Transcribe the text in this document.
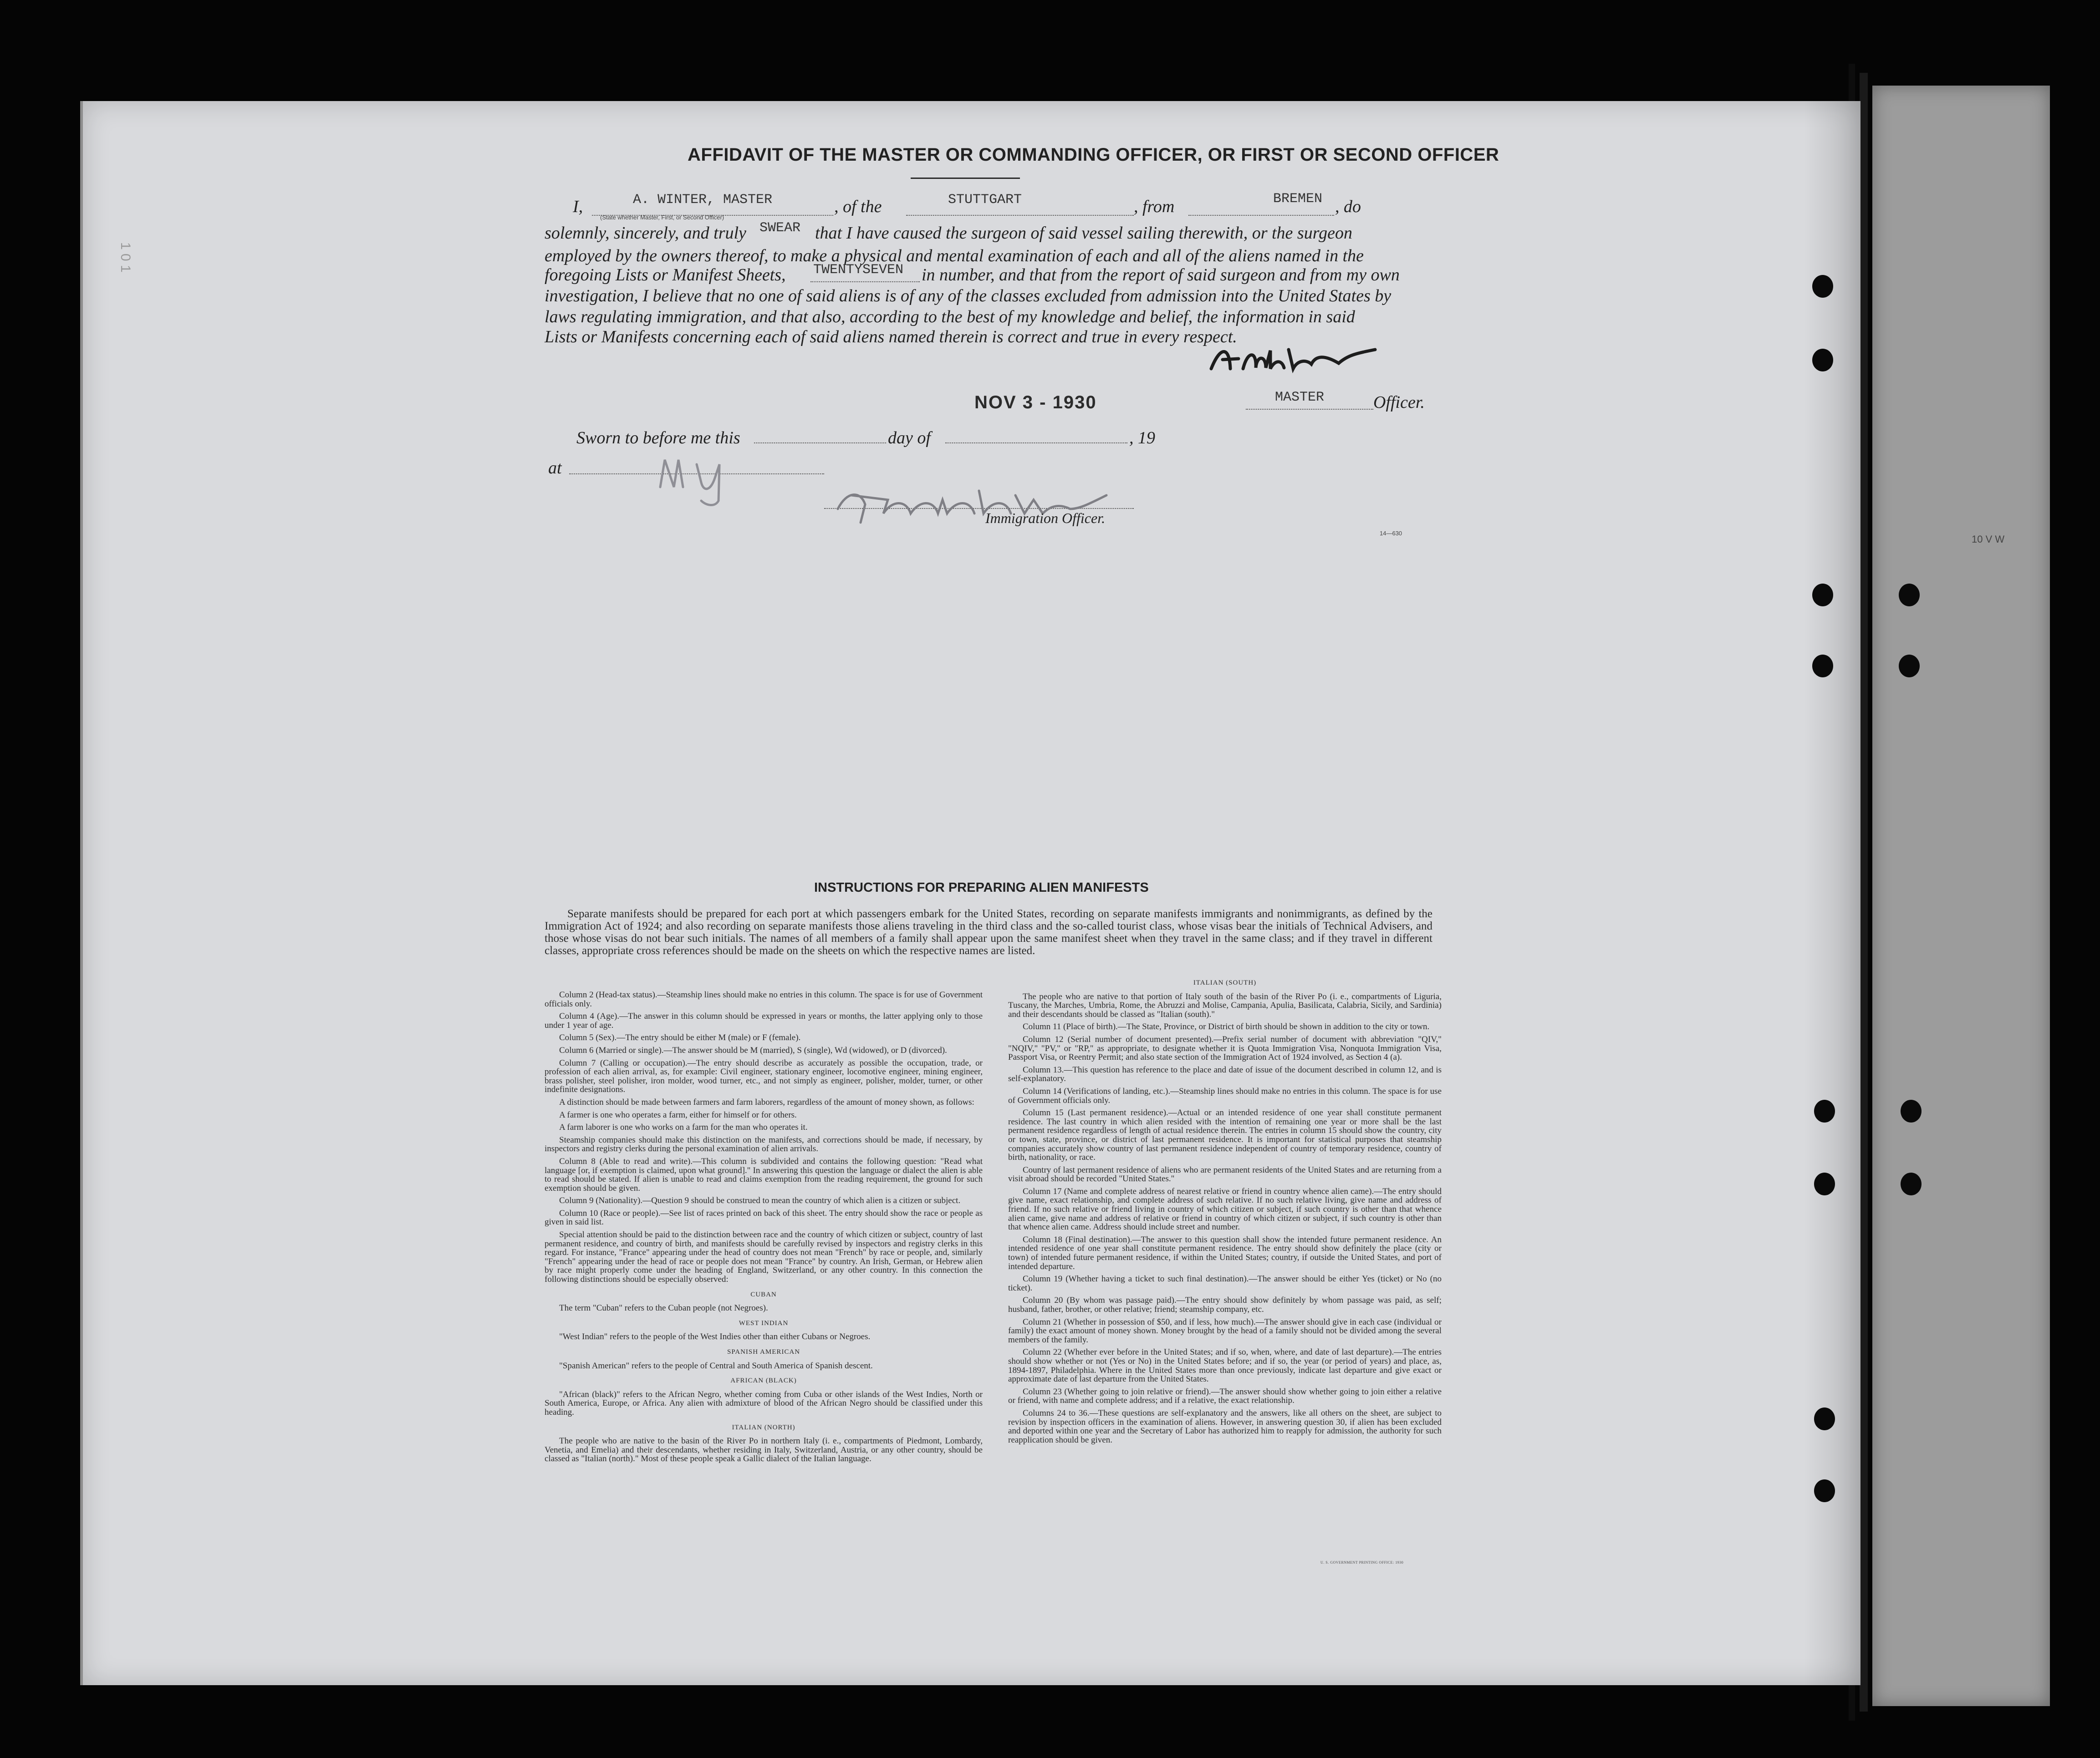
1 0 1
10 V W
AFFIDAVIT OF THE MASTER OR COMMANDING OFFICER, OR FIRST OR SECOND OFFICER
I,	A. WINTER, MASTER
(State whether Master, First, or Second Officer)
, of the	STUTTGART	, from	BREMEN , do
solemnly, sincerely, and truly SWEAR that I have caused the surgeon of said vessel sailing therewith, or the surgeon
employed by the owners thereof, to make a physical and mental examination of each and all of the aliens named in the
foregoing Lists or Manifest Sheets, TWENTYSEVEN in number, and that from the report of said surgeon and from my own
investigation, I believe that no one of said aliens is of any of the classes excluded from admission into the United States by
laws regulating immigration, and that also, according to the best of my knowledge and belief, the information in said
Lists or Manifests concerning each of said aliens named therein is correct and true in every respect.
NOV 3 - 1930	MASTER	Officer.
Sworn to before me this	day of	, 19
at
Immigration Officer.
14—630
INSTRUCTIONS FOR PREPARING ALIEN MANIFESTS

Separate manifests should be prepared for each port at which passengers embark for the United States, recording on separate manifests immigrants and nonimmigrants, as defined by the Immigration Act of 1924; and also recording on separate manifests those aliens traveling in the third class and the so-called tourist class, whose visas bear the initials of Technical Advisers, and those whose visas do not bear such initials. The names of all members of a family shall appear upon the same manifest sheet when they travel in the same class; and if they travel in different classes, appropriate cross references should be made on the sheets on which the respective names are listed.

Column 2 (Head-tax status).—Steamship lines should make no entries in this column. The space is for use of Government officials only.

Column 4 (Age).—The answer in this column should be expressed in years or months, the latter applying only to those under 1 year of age.

Column 5 (Sex).—The entry should be either M (male) or F (female).

Column 6 (Married or single).—The answer should be M (married), S (single), Wd (widowed), or D (divorced).

Column 7 (Calling or occupation).—The entry should describe as accurately as possible the occupation, trade, or profession of each alien arrival, as, for example: Civil engineer, stationary engineer, locomotive engineer, mining engineer, brass polisher, steel polisher, iron molder, wood turner, etc., and not simply as engineer, polisher, molder, turner, or other indefinite designations.

A distinction should be made between farmers and farm laborers, regardless of the amount of money shown, as follows:

A farmer is one who operates a farm, either for himself or for others.

A farm laborer is one who works on a farm for the man who operates it.

Steamship companies should make this distinction on the manifests, and corrections should be made, if necessary, by inspectors and registry clerks during the personal examination of alien arrivals.

Column 8 (Able to read and write).—This column is subdivided and contains the following question: "Read what language [or, if exemption is claimed, upon what ground]." In answering this question the language or dialect the alien is able to read should be stated. If alien is unable to read and claims exemption from the reading requirement, the ground for such exemption should be given.

Column 9 (Nationality).—Question 9 should be construed to mean the country of which alien is a citizen or subject.

Column 10 (Race or people).—See list of races printed on back of this sheet. The entry should show the race or people as given in said list.

Special attention should be paid to the distinction between race and the country of which citizen or subject, country of last permanent residence, and country of birth, and manifests should be carefully revised by inspectors and registry clerks in this regard. For instance, "France" appearing under the head of country does not mean "French" by race or people, and, similarly "French" appearing under the head of race or people does not mean "France" by country. An Irish, German, or Hebrew alien by race might properly come under the heading of England, Switzerland, or any other country. In this connection the following distinctions should be especially observed:

CUBAN

The term "Cuban" refers to the Cuban people (not Negroes).

WEST INDIAN

"West Indian" refers to the people of the West Indies other than either Cubans or Negroes.

SPANISH AMERICAN

"Spanish American" refers to the people of Central and South America of Spanish descent.

AFRICAN (BLACK)

"African (black)" refers to the African Negro, whether coming from Cuba or other islands of the West Indies, North or South America, Europe, or Africa. Any alien with admixture of blood of the African Negro should be classified under this heading.

ITALIAN (NORTH)

The people who are native to the basin of the River Po in northern Italy (i. e., compartments of Piedmont, Lombardy, Venetia, and Emelia) and their descendants, whether residing in Italy, Switzerland, Austria, or any other country, should be classed as "Italian (north)." Most of these people speak a Gallic dialect of the Italian language.

ITALIAN (SOUTH)

The people who are native to that portion of Italy south of the basin of the River Po (i. e., compartments of Liguria, Tuscany, the Marches, Umbria, Rome, the Abruzzi and Molise, Campania, Apulia, Basilicata, Calabria, Sicily, and Sardinia) and their descendants should be classed as "Italian (south)."

Column 11 (Place of birth).—The State, Province, or District of birth should be shown in addition to the city or town.

Column 12 (Serial number of document presented).—Prefix serial number of document with abbreviation "QIV," "NQIV," "PV," or "RP," as appropriate, to designate whether it is Quota Immigration Visa, Nonquota Immigration Visa, Passport Visa, or Reentry Permit; and also state section of the Immigration Act of 1924 involved, as Section 4 (a).

Column 13.—This question has reference to the place and date of issue of the document described in column 12, and is self-explanatory.

Column 14 (Verifications of landing, etc.).—Steamship lines should make no entries in this column. The space is for use of Government officials only.

Column 15 (Last permanent residence).—Actual or an intended residence of one year shall constitute permanent residence. The last country in which alien resided with the intention of remaining one year or more shall be the last permanent residence regardless of length of actual residence therein. The entries in column 15 should show the country, city or town, state, province, or district of last permanent residence. It is important for statistical purposes that steamship companies accurately show country of last permanent residence independent of country of temporary residence, country of birth, nationality, or race.

Country of last permanent residence of aliens who are permanent residents of the United States and are returning from a visit abroad should be recorded "United States."

Column 17 (Name and complete address of nearest relative or friend in country whence alien came).—The entry should give name, exact relationship, and complete address of such relative. If no such relative living, give name and address of friend. If no such relative or friend living in country of which citizen or subject, if such country is other than that whence alien came, give name and address of relative or friend in country of which citizen or subject, if such country is other than that whence alien came. Address should include street and number.

Column 18 (Final destination).—The answer to this question shall show the intended future permanent residence. An intended residence of one year shall constitute permanent residence. The entry should show definitely the place (city or town) of intended future permanent residence, if within the United States; country, if outside the United States, and port of intended departure.

Column 19 (Whether having a ticket to such final destination).—The answer should be either Yes (ticket) or No (no ticket).

Column 20 (By whom was passage paid).—The entry should show definitely by whom passage was paid, as self; husband, father, brother, or other relative; friend; steamship company, etc.

Column 21 (Whether in possession of $50, and if less, how much).—The answer should give in each case (individual or family) the exact amount of money shown. Money brought by the head of a family should not be divided among the several members of the family.

Column 22 (Whether ever before in the United States; and if so, when, where, and date of last departure).—The entries should show whether or not (Yes or No) in the United States before; and if so, the year (or period of years) and place, as, 1894-1897, Philadelphia. Where in the United States more than once previously, indicate last departure and give exact or approximate date of last departure from the United States.

Column 23 (Whether going to join relative or friend).—The answer should show whether going to join either a relative or friend, with name and complete address; and if a relative, the exact relationship.

Columns 24 to 36.—These questions are self-explanatory and the answers, like all others on the sheet, are subject to revision by inspection officers in the examination of aliens. However, in answering question 30, if alien has been excluded and deported within one year and the Secretary of Labor has authorized him to reapply for admission, the authority for such reapplication should be given.

U. S. GOVERNMENT PRINTING OFFICE: 1930
